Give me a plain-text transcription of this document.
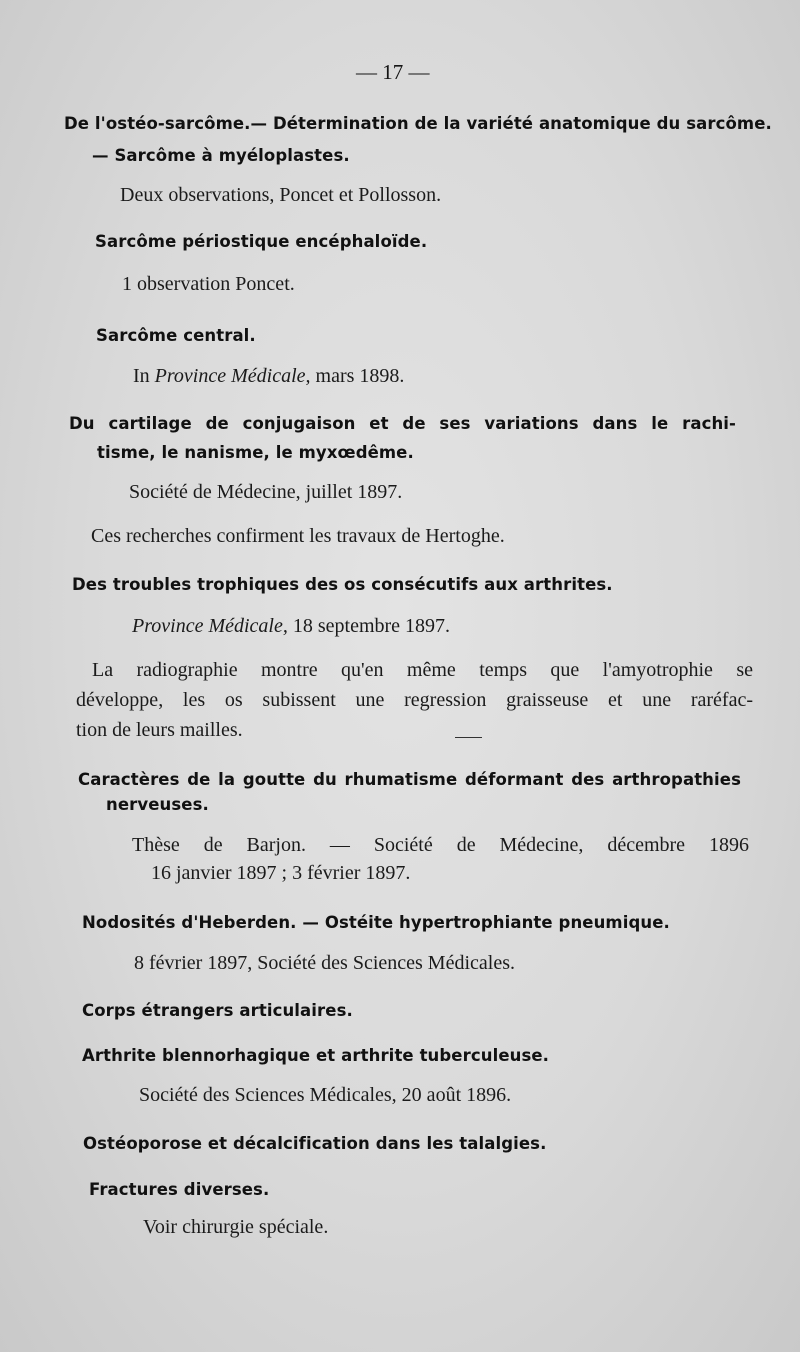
— 17 —
De l'ostéo-sarcôme.— Détermination de la variété anatomique du sarcôme.
— Sarcôme à myéloplastes.
Deux observations, Poncet et Pollosson.
Sarcôme périostique encéphaloïde.
1 observation Poncet.
Sarcôme central.
In Province Médicale, mars 1898.
Du cartilage de conjugaison et de ses variations dans le rachi-
tisme, le nanisme, le myxœdême.
Société de Médecine, juillet 1897.
Ces recherches confirment les travaux de Hertoghe.
Des troubles trophiques des os consécutifs aux arthrites.
Province Médicale, 18 septembre 1897.
La radiographie montre qu'en même temps que l'amyotrophie se
développe, les os subissent une regression graisseuse et une raréfac-
tion de leurs mailles.
Caractères de la goutte du rhumatisme déformant des arthropathies
nerveuses.
Thèse de Barjon. — Société de Médecine, décembre 1896
16 janvier 1897 ; 3 février 1897.
Nodosités d'Heberden. — Ostéite hypertrophiante pneumique.
8 février 1897, Société des Sciences Médicales.
Corps étrangers articulaires.
Arthrite blennorhagique et arthrite tuberculeuse.
Société des Sciences Médicales, 20 août 1896.
Ostéoporose et décalcification dans les talalgies.
Fractures diverses.
Voir chirurgie spéciale.
